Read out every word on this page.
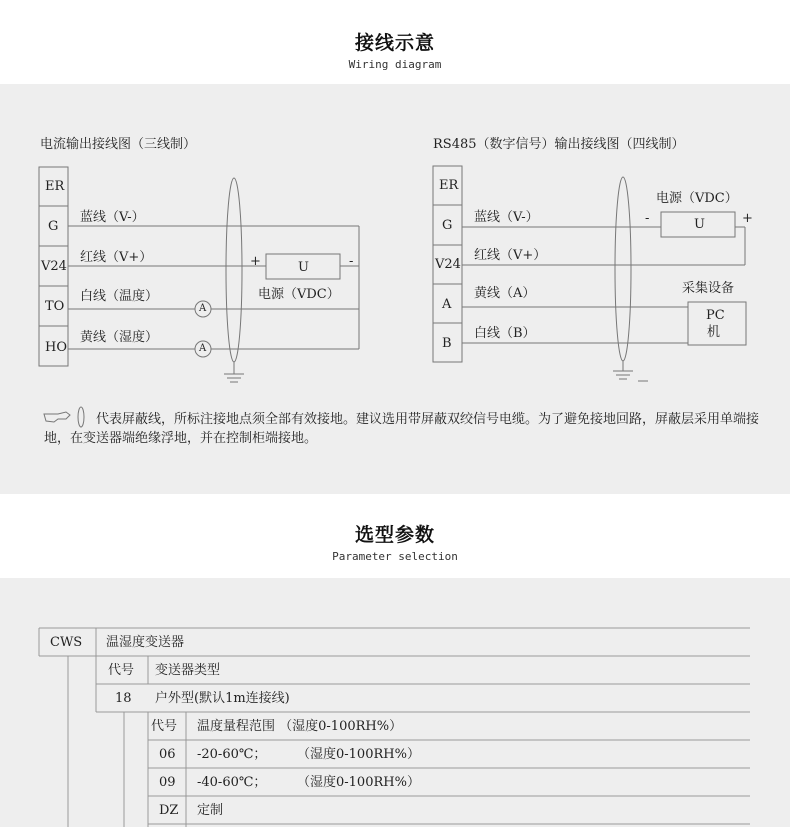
接线示意
Wiring diagram
电流输出接线图（三线制）
ER
G
V24
TO
HO
蓝线（V-）
红线（V+）
白线（温度）
黄线（湿度）
A
A
U
+	-
电源（VDC）
RS485（数字信号）输出接线图（四线制）
ER
G
V24
A
B
蓝线（V-）
红线（V+）
黄线（A）
白线（B）
电源（VDC）
-	+
U
采集设备
PC
机
代表屏蔽线，所标注接地点须全部有效接地。建议选用带屏蔽双绞信号电缆。为了避免接地回路，屏蔽层采用单端接地，在变送器端绝缘浮地，并在控制柜端接地。
选型参数
Parameter selection
CWS 温湿度变送器
代号 变送器类型
18 户外型(默认1m连接线)
代号 温度量程范围 （湿度0-100RH%）
06 -20-60℃； （湿度0-100RH%）
09 -40-60℃； （湿度0-100RH%）
DZ 定制
